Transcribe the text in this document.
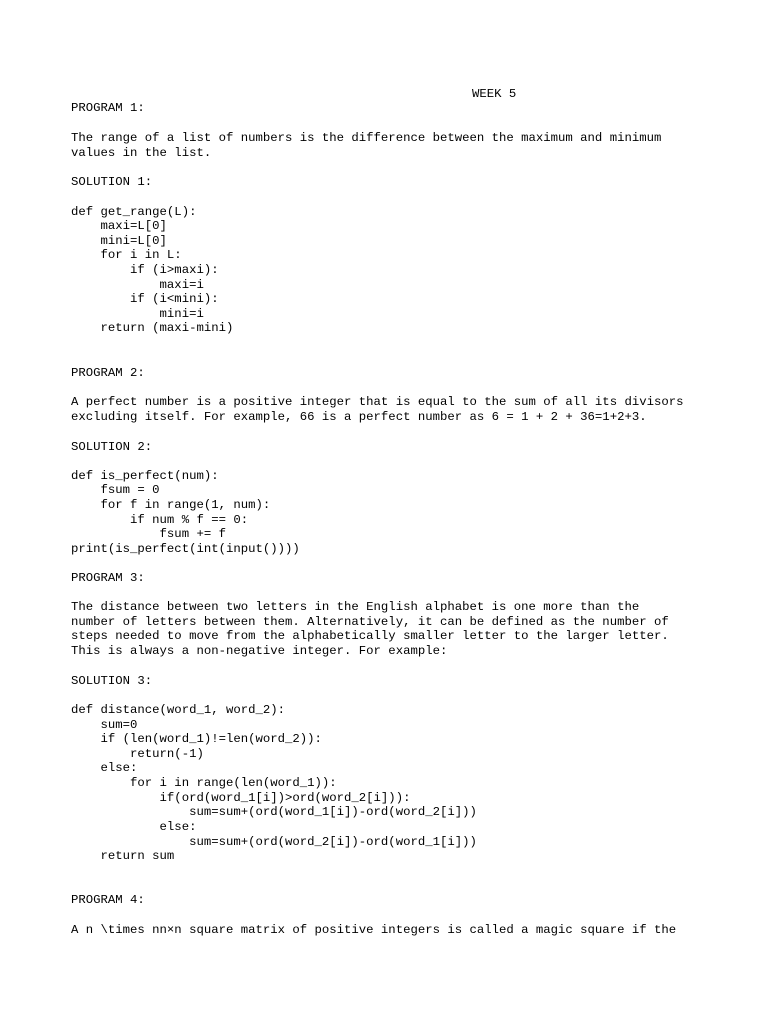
WEEK 5
PROGRAM 1:
The range of a list of numbers is the difference between the maximum and minimum
values in the list.
SOLUTION 1:
def get_range(L):
maxi=L[0]
mini=L[0]
for i in L:
if (i>maxi):
maxi=i
if (i<mini):
mini=i
return (maxi-mini)
PROGRAM 2:
A perfect number is a positive integer that is equal to the sum of all its divisors
excluding itself. For example, 66 is a perfect number as 6 = 1 + 2 + 36=1+2+3.
SOLUTION 2:
def is_perfect(num):
fsum = 0
for f in range(1, num):
if num % f == 0:
fsum += f
print(is_perfect(int(input())))
PROGRAM 3:
The distance between two letters in the English alphabet is one more than the
number of letters between them. Alternatively, it can be defined as the number of
steps needed to move from the alphabetically smaller letter to the larger letter.
This is always a non-negative integer. For example:
SOLUTION 3:
def distance(word_1, word_2):
sum=0
if (len(word_1)!=len(word_2)):
return(-1)
else:
for i in range(len(word_1)):
if(ord(word_1[i])>ord(word_2[i])):
sum=sum+(ord(word_1[i])-ord(word_2[i]))
else:
sum=sum+(ord(word_2[i])-ord(word_1[i]))
return sum
PROGRAM 4:
A n \times nn×n square matrix of positive integers is called a magic square if the
